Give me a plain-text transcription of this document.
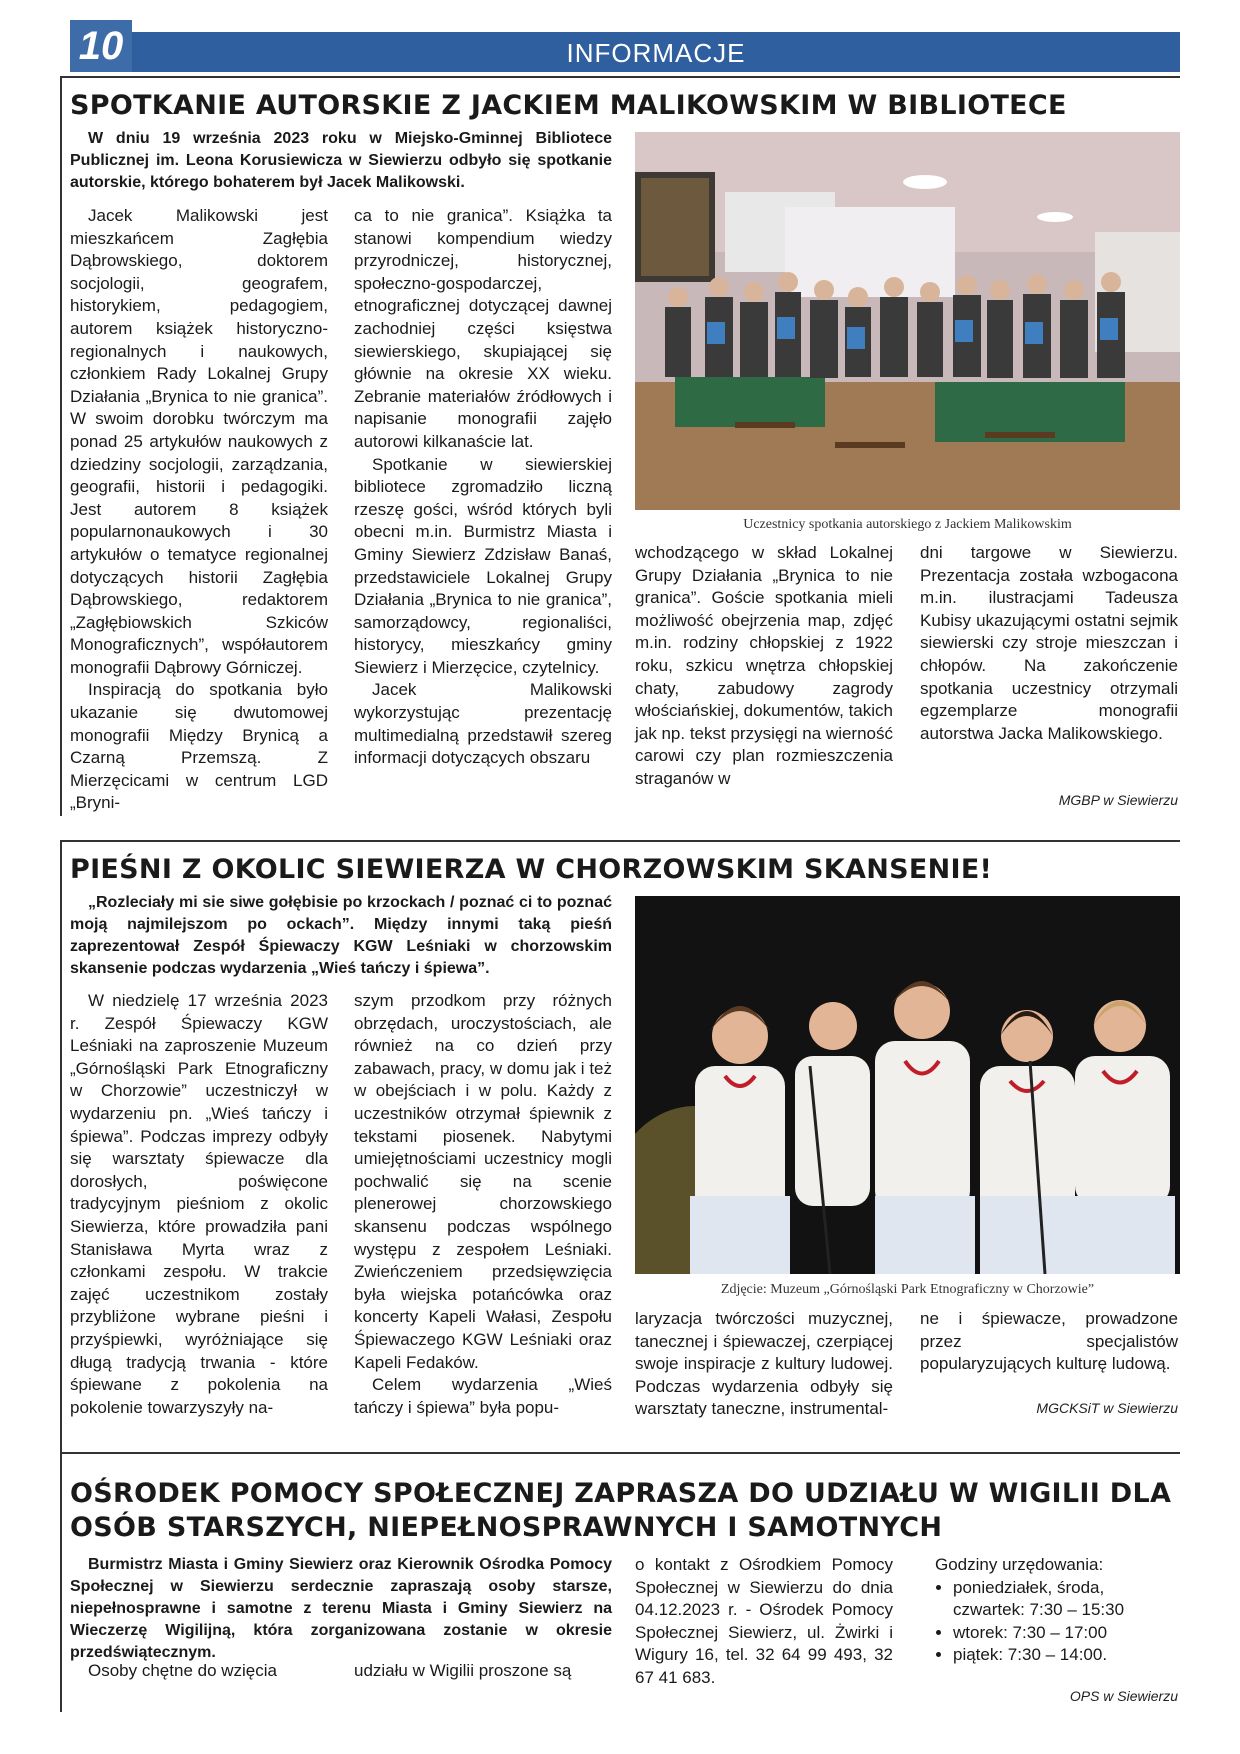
10	INFORMACJE
SPOTKANIE AUTORSKIE Z JACKIEM MALIKOWSKIM W BIBLIOTECE
W dniu 19 września 2023 roku w Miejsko-Gminnej Bibliotece Publicznej im. Leona Korusiewicza w Siewierzu odbyło się spotkanie autorskie, którego bohaterem był Jacek Malikowski.

Jacek Malikowski jest mieszkańcem Zagłębia Dąbrowskiego, doktorem socjologii, geografem, historykiem, pedagogiem, autorem książek historyczno-regionalnych i naukowych, członkiem Rady Lokalnej Grupy Działania „Brynica to nie granica”. W swoim dorobku twórczym ma ponad 25 artykułów naukowych z dziedziny socjologii, zarządzania, geografii, historii i pedagogiki. Jest autorem 8 książek popularnonaukowych i 30 artykułów o tematyce regionalnej dotyczących historii Zagłębia Dąbrowskiego, redaktorem „Zagłębiowskich Szkiców Monograficznych”, współautorem monografii Dąbrowy Górniczej.

Inspiracją do spotkania było ukazanie się dwutomowej monografii Między Brynicą a Czarną Przemszą. Z Mierzęcicami w centrum LGD „Bryni-

ca to nie granica”. Książka ta stanowi kompendium wiedzy przyrodniczej, historycznej, społeczno-gospodarczej, etnograficznej dotyczącej dawnej zachodniej części księstwa siewierskiego, skupiającej się głównie na okresie XX wieku. Zebranie materiałów źródłowych i napisanie monografii zajęło autorowi kilkanaście lat.

Spotkanie w siewierskiej bibliotece zgromadziło liczną rzeszę gości, wśród których byli obecni m.in. Burmistrz Miasta i Gminy Siewierz Zdzisław Banaś, przedstawiciele Lokalnej Grupy Działania „Brynica to nie granica”, samorządowcy, regionaliści, historycy, mieszkańcy gminy Siewierz i Mierzęcice, czytelnicy.

Jacek Malikowski wykorzystując prezentację multimedialną przedstawił szereg informacji dotyczących obszaru

Uczestnicy spotkania autorskiego z Jackiem Malikowskim

wchodzącego w skład Lokalnej Grupy Działania „Brynica to nie granica”. Goście spotkania mieli możliwość obejrzenia map, zdjęć m.in. rodziny chłopskiej z 1922 roku, szkicu wnętrza chłopskiej chaty, zabudowy zagrody włościańskiej, dokumentów, takich jak np. tekst przysięgi na wierność carowi czy plan rozmieszczenia straganów w

dni targowe w Siewierzu. Prezentacja została wzbogacona m.in. ilustracjami Tadeusza Kubisy ukazującymi ostatni sejmik siewierski czy stroje mieszczan i chłopów. Na zakończenie spotkania uczestnicy otrzymali egzemplarze monografii autorstwa Jacka Malikowskiego.

MGBP w Siewierzu
PIEŚNI Z OKOLIC SIEWIERZA W CHORZOWSKIM SKANSENIE!
„Rozleciały mi sie siwe gołębisie po krzockach / poznać ci to poznać moją najmilejszom po ockach”. Między innymi taką pieśń zaprezentował Zespół Śpiewaczy KGW Leśniaki w chorzowskim skansenie podczas wydarzenia „Wieś tańczy i śpiewa”.

W niedzielę 17 września 2023 r. Zespół Śpiewaczy KGW Leśniaki na zaproszenie Muzeum „Górnośląski Park Etnograficzny w Chorzowie” uczestniczył w wydarzeniu pn. „Wieś tańczy i śpiewa”. Podczas imprezy odbyły się warsztaty śpiewacze dla dorosłych, poświęcone tradycyjnym pieśniom z okolic Siewierza, które prowadziła pani Stanisława Myrta wraz z członkami zespołu. W trakcie zajęć uczestnikom zostały przybliżone wybrane pieśni i przyśpiewki, wyróżniające się długą tradycją trwania - które śpiewane z pokolenia na pokolenie towarzyszyły na-

szym przodkom przy różnych obrzędach, uroczystościach, ale również na co dzień przy zabawach, pracy, w domu jak i też w obejściach i w polu. Każdy z uczestników otrzymał śpiewnik z tekstami piosenek. Nabytymi umiejętnościami uczestnicy mogli pochwalić się na scenie plenerowej chorzowskiego skansenu podczas wspólnego występu z zespołem Leśniaki. Zwieńczeniem przedsięwzięcia była wiejska potańcówka oraz koncerty Kapeli Wałasi, Zespołu Śpiewaczego KGW Leśniaki oraz Kapeli Fedaków.

Celem wydarzenia „Wieś tańczy i śpiewa” była popu-

Zdjęcie: Muzeum „Górnośląski Park Etnograficzny w Chorzowie”

laryzacja twórczości muzycznej, tanecznej i śpiewaczej, czerpiącej swoje inspiracje z kultury ludowej. Podczas wydarzenia odbyły się warsztaty taneczne, instrumental-

ne i śpiewacze, prowadzone przez specjalistów popularyzujących kulturę ludową.

MGCKSiT w Siewierzu
OŚRODEK POMOCY SPOŁECZNEJ ZAPRASZA DO UDZIAŁU W WIGILII DLA
OSÓB STARSZYCH, NIEPEŁNOSPRAWNYCH I SAMOTNYCH
Burmistrz Miasta i Gminy Siewierz oraz Kierownik Ośrodka Pomocy Społecznej w Siewierzu serdecznie zapraszają osoby starsze, niepełnosprawne i samotne z terenu Miasta i Gminy Siewierz na Wieczerzę Wigilijną, która zorganizowana zostanie w okresie przedświątecznym.

Osoby chętne do wzięcia	udziału w Wigilii proszone są

o kontakt z Ośrodkiem Pomocy Społecznej w Siewierzu do dnia 04.12.2023 r. - Ośrodek Pomocy Społecznej Siewierz, ul. Żwirki i Wigury 16, tel. 32 64 99 493, 32 67 41 683.

Godziny urzędowania:
• poniedziałek, środa, czwartek: 7:30 – 15:30
• wtorek: 7:30 – 17:00
• piątek: 7:30 – 14:00.
OPS w Siewierzu
